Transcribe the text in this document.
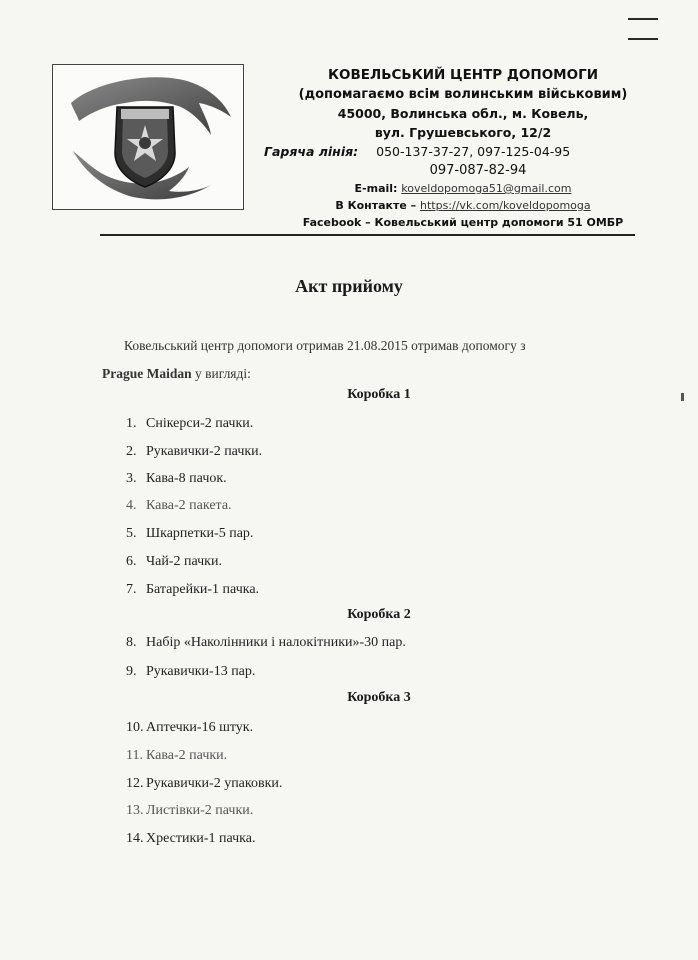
КОВЕЛЬСЬКИЙ ЦЕНТР ДОПОМОГИ
(допомагаємо всім волинським військовим)
45000, Волинська обл., м. Ковель,
вул. Грушевського, 12/2
Гаряча лінія: 050-137-37-27, 097-125-04-95
097-087-82-94
E-mail: koveldopomoga51@gmail.com
В Контакте – https://vk.com/koveldopomoga
Facebook – Ковельський центр допомоги 51 ОМБР
Акт прийому
Ковельський центр допомоги отримав 21.08.2015 отримав допомогу з
Prague Maidan у вигляді:
Коробка 1
1. Снікерси-2 пачки.
2. Рукавички-2 пачки.
3. Кава-8 пачок.
4. Кава-2 пакета.
5. Шкарпетки-5 пар.
6. Чай-2 пачки.
7. Батарейки-1 пачка.
Коробка 2
8. Набір «Наколінники і налокітники»-30 пар.
9. Рукавички-13 пар.
Коробка 3
10. Аптечки-16 штук.
11. Кава-2 пачки.
12. Рукавички-2 упаковки.
13. Листівки-2 пачки.
14. Хрестики-1 пачка.
